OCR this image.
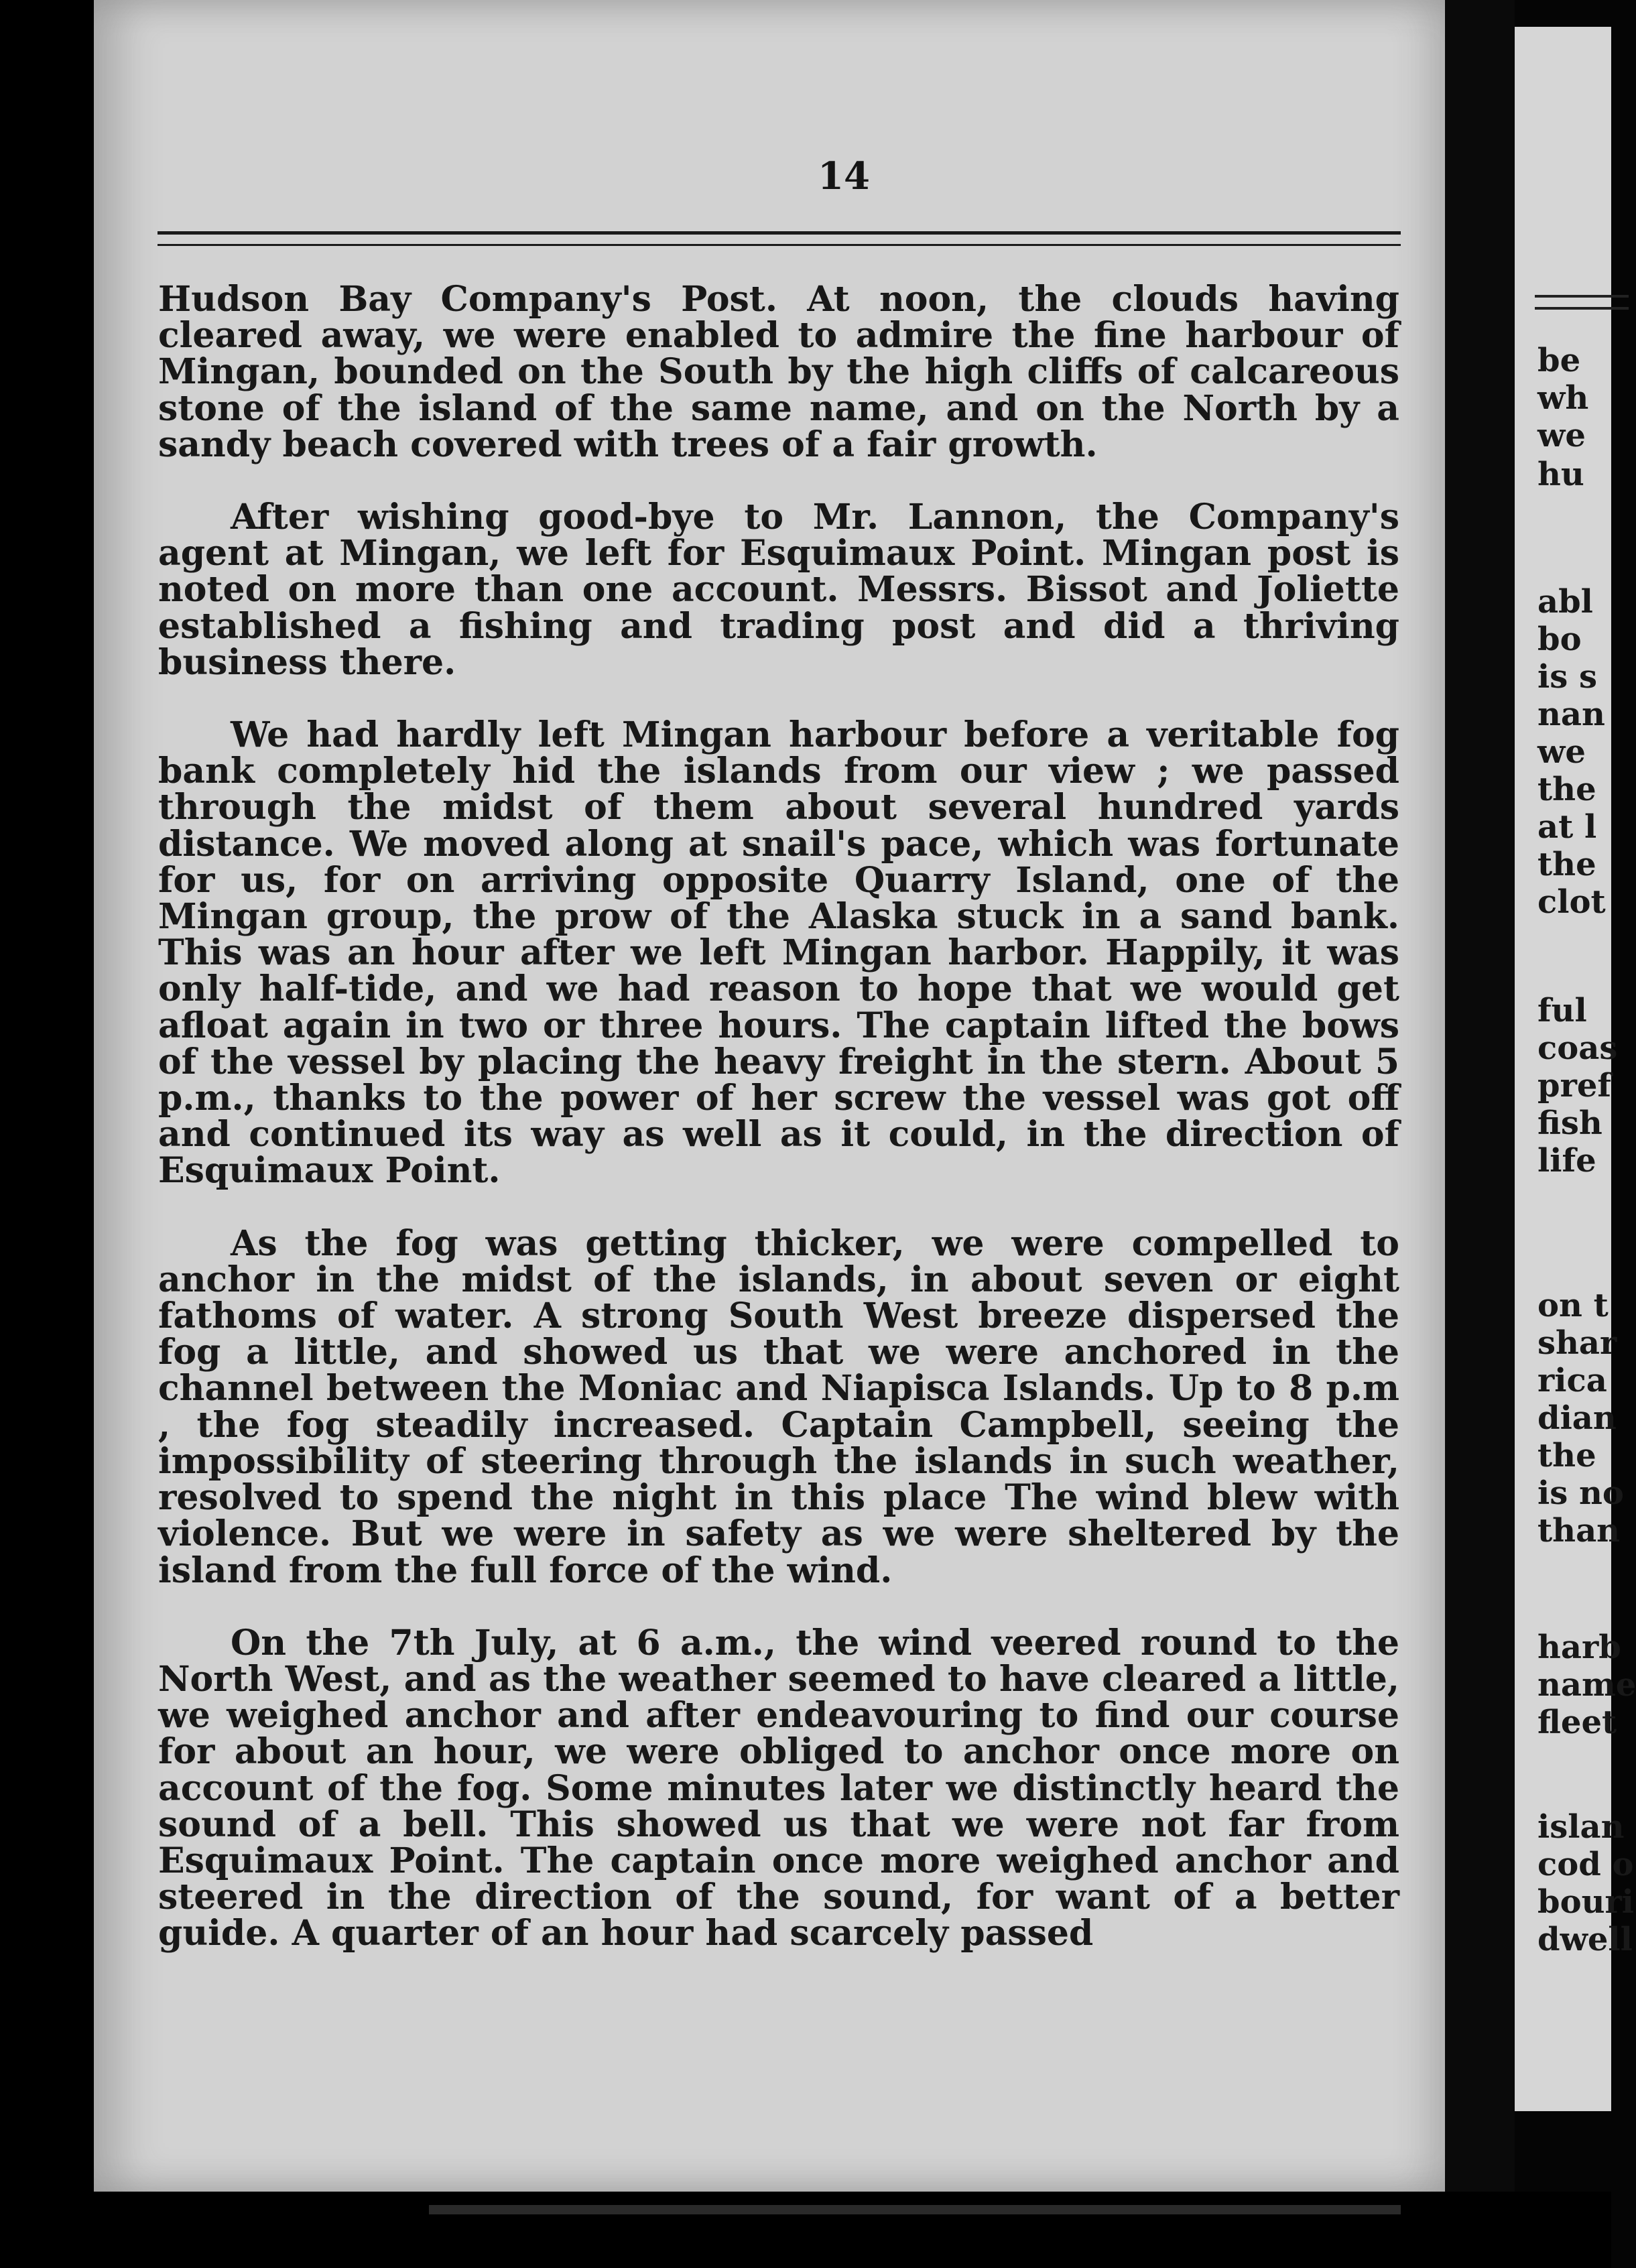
14

Hudson Bay Company's Post. At noon, the clouds having cleared away, we were enabled to admire the fine harbour of Mingan, bounded on the South by the high cliffs of calcareous stone of the island of the same name, and on the North by a sandy beach covered with trees of a fair growth.

After wishing good-bye to Mr. Lannon, the Company's agent at Mingan, we left for Esquimaux Point. Mingan post is noted on more than one account. Messrs. Bissot and Joliette established a fishing and trading post and did a thriving business there.

We had hardly left Mingan harbour before a veritable fog bank completely hid the islands from our view ; we passed through the midst of them about several hundred yards distance. We moved along at snail's pace, which was fortunate for us, for on arriving opposite Quarry Island, one of the Mingan group, the prow of the Alaska stuck in a sand bank. This was an hour after we left Mingan harbor. Happily, it was only half-tide, and we had reason to hope that we would get afloat again in two or three hours. The captain lifted the bows of the vessel by placing the heavy freight in the stern. About 5 p.m., thanks to the power of her screw the vessel was got off and continued its way as well as it could, in the direction of Esquimaux Point.

As the fog was getting thicker, we were compelled to anchor in the midst of the islands, in about seven or eight fathoms of water. A strong South West breeze dispersed the fog a little, and showed us that we were anchored in the channel between the Moniac and Niapisca Islands. Up to 8 p.m , the fog steadily increased. Captain Campbell, seeing the impossibility of steering through the islands in such weather, resolved to spend the night in this place The wind blew with violence. But we were in safety as we were sheltered by the island from the full force of the wind.

On the 7th July, at 6 a.m., the wind veered round to the North West, and as the weather seemed to have cleared a little, we weighed anchor and after endeavouring to find our course for about an hour, we were obliged to anchor once more on account of the fog. Some minutes later we distinctly heard the sound of a bell. This showed us that we were not far from Esquimaux Point. The captain once more weighed anchor and steered in the direction of the sound, for want of a better guide. A quarter of an hour had scarcely passed

be
wh
we
hu
abl
bo
is s
nan
we
the
at l
the
clot
ful
coas
pref
fish
life
on t
shar
rica
dian
the
is no
than
harb
name
fleet
islan
cod o
bouri
dwell
